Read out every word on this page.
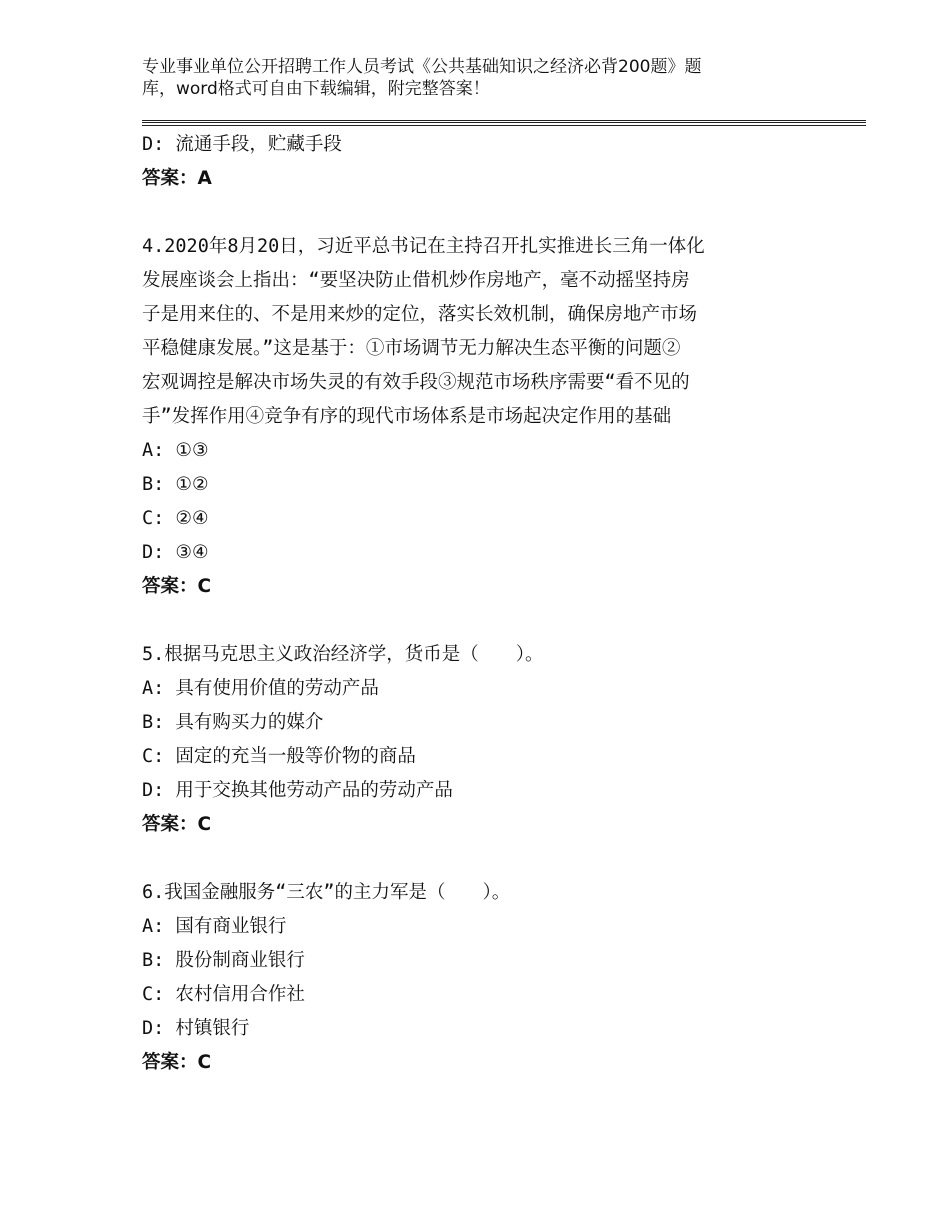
专业事业单位公开招聘工作人员考试《公共基础知识之经济必背200题》题
库，word格式可自由下载编辑，附完整答案！
D: 流通手段，贮藏手段
答案：A
4.2020年8月20日，习近平总书记在主持召开扎实推进长三角一体化
发展座谈会上指出：“要坚决防止借机炒作房地产，毫不动摇坚持房
子是用来住的、不是用来炒的定位，落实长效机制，确保房地产市场
平稳健康发展。”这是基于：①市场调节无力解决生态平衡的问题②
宏观调控是解决市场失灵的有效手段③规范市场秩序需要“看不见的
手”发挥作用④竞争有序的现代市场体系是市场起决定作用的基础
A: ①③
B: ①②
C: ②④
D: ③④
答案：C
5.根据马克思主义政治经济学，货币是（　　）。
A: 具有使用价值的劳动产品
B: 具有购买力的媒介
C: 固定的充当一般等价物的商品
D: 用于交换其他劳动产品的劳动产品
答案：C
6.我国金融服务“三农”的主力军是（　　）。
A: 国有商业银行
B: 股份制商业银行
C: 农村信用合作社
D: 村镇银行
答案：C
